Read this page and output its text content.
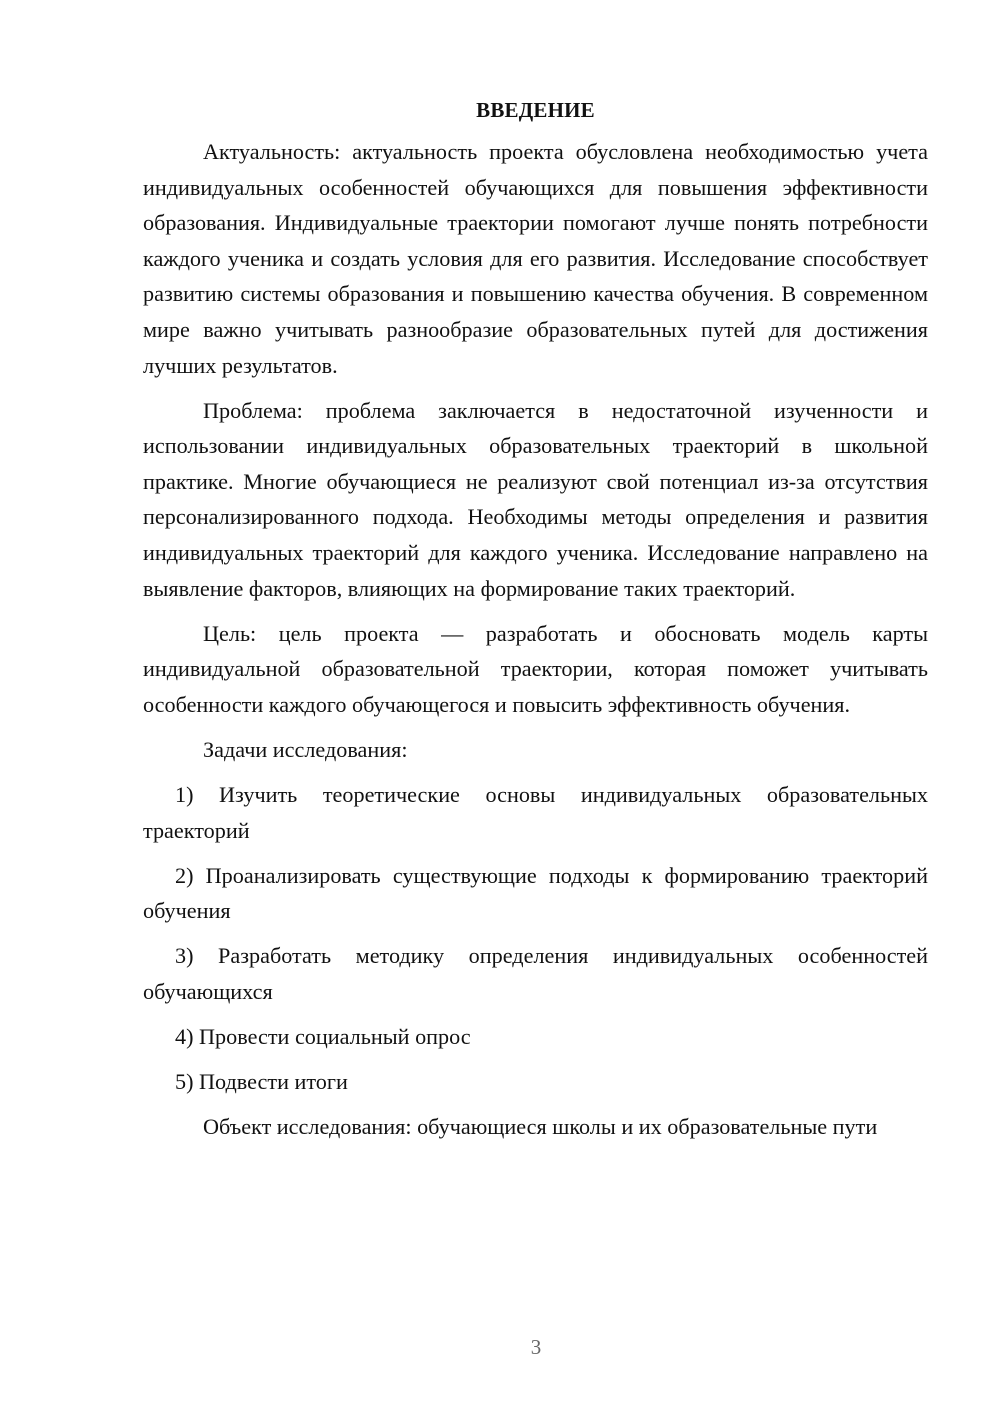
ВВЕДЕНИЕ

Актуальность: актуальность проекта обусловлена необходимостью учета индивидуальных особенностей обучающихся для повышения эффективности образования. Индивидуальные траектории помогают лучше понять потребности каждого ученика и создать условия для его развития. Исследование способствует развитию системы образования и повышению качества обучения. В современном мире важно учитывать разнообразие образовательных путей для достижения лучших результатов.

Проблема: проблема заключается в недостаточной изученности и использовании индивидуальных образовательных траекторий в школьной практике. Многие обучающиеся не реализуют свой потенциал из-за отсутствия персонализированного подхода. Необходимы методы определения и развития индивидуальных траекторий для каждого ученика. Исследование направлено на выявление факторов, влияющих на формирование таких траекторий.

Цель: цель проекта — разработать и обосновать модель карты индивидуальной образовательной траектории, которая поможет учитывать особенности каждого обучающегося и повысить эффективность обучения.

Задачи исследования:

1) Изучить теоретические основы индивидуальных образовательных траекторий

2) Проанализировать существующие подходы к формированию траекторий обучения

3) Разработать методику определения индивидуальных особенностей обучающихся

4) Провести социальный опрос

5) Подвести итоги

Объект исследования: обучающиеся школы и их образовательные пути

3
